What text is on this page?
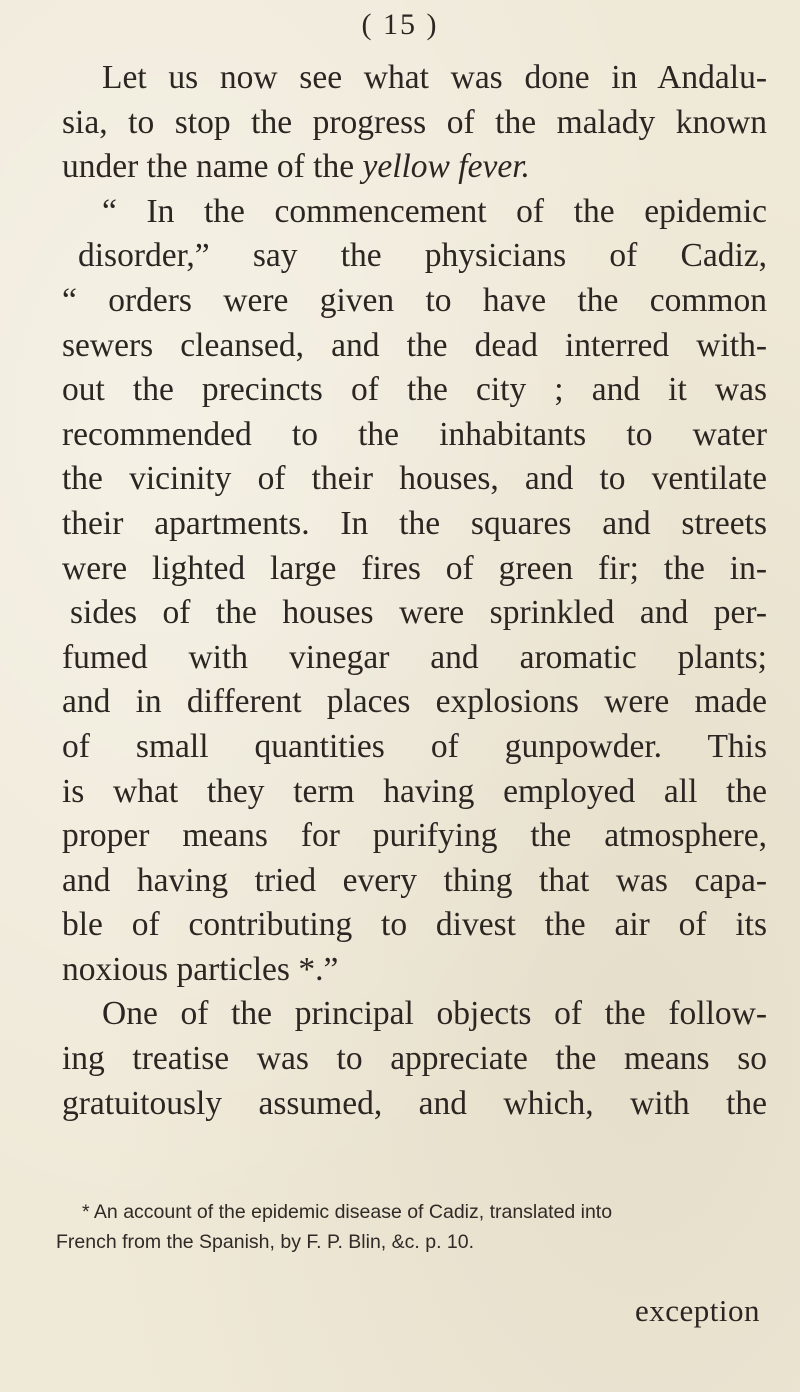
( 15 )
Let us now see what was done in Andalu-
sia, to stop the progress of the malady known
under the name of the yellow fever.
“ In the commencement of the epidemic
disorder,” say the physicians of Cadiz,
“ orders were given to have the common
sewers cleansed, and the dead interred with-
out the precincts of the city ; and it was
recommended to the inhabitants to water
the vicinity of their houses, and to ventilate
their apartments. In the squares and streets
were lighted large fires of green fir; the in-
sides of the houses were sprinkled and per-
fumed with vinegar and aromatic plants;
and in different places explosions were made
of small quantities of gunpowder. This
is what they term having employed all the
proper means for purifying the atmosphere,
and having tried every thing that was capa-
ble of contributing to divest the air of its
noxious particles *.”
One of the principal objects of the follow-
ing treatise was to appreciate the means so
gratuitously assumed, and which, with the
* An account of the epidemic disease of Cadiz, translated into
French from the Spanish, by F. P. Blin, &c. p. 10.
exception
